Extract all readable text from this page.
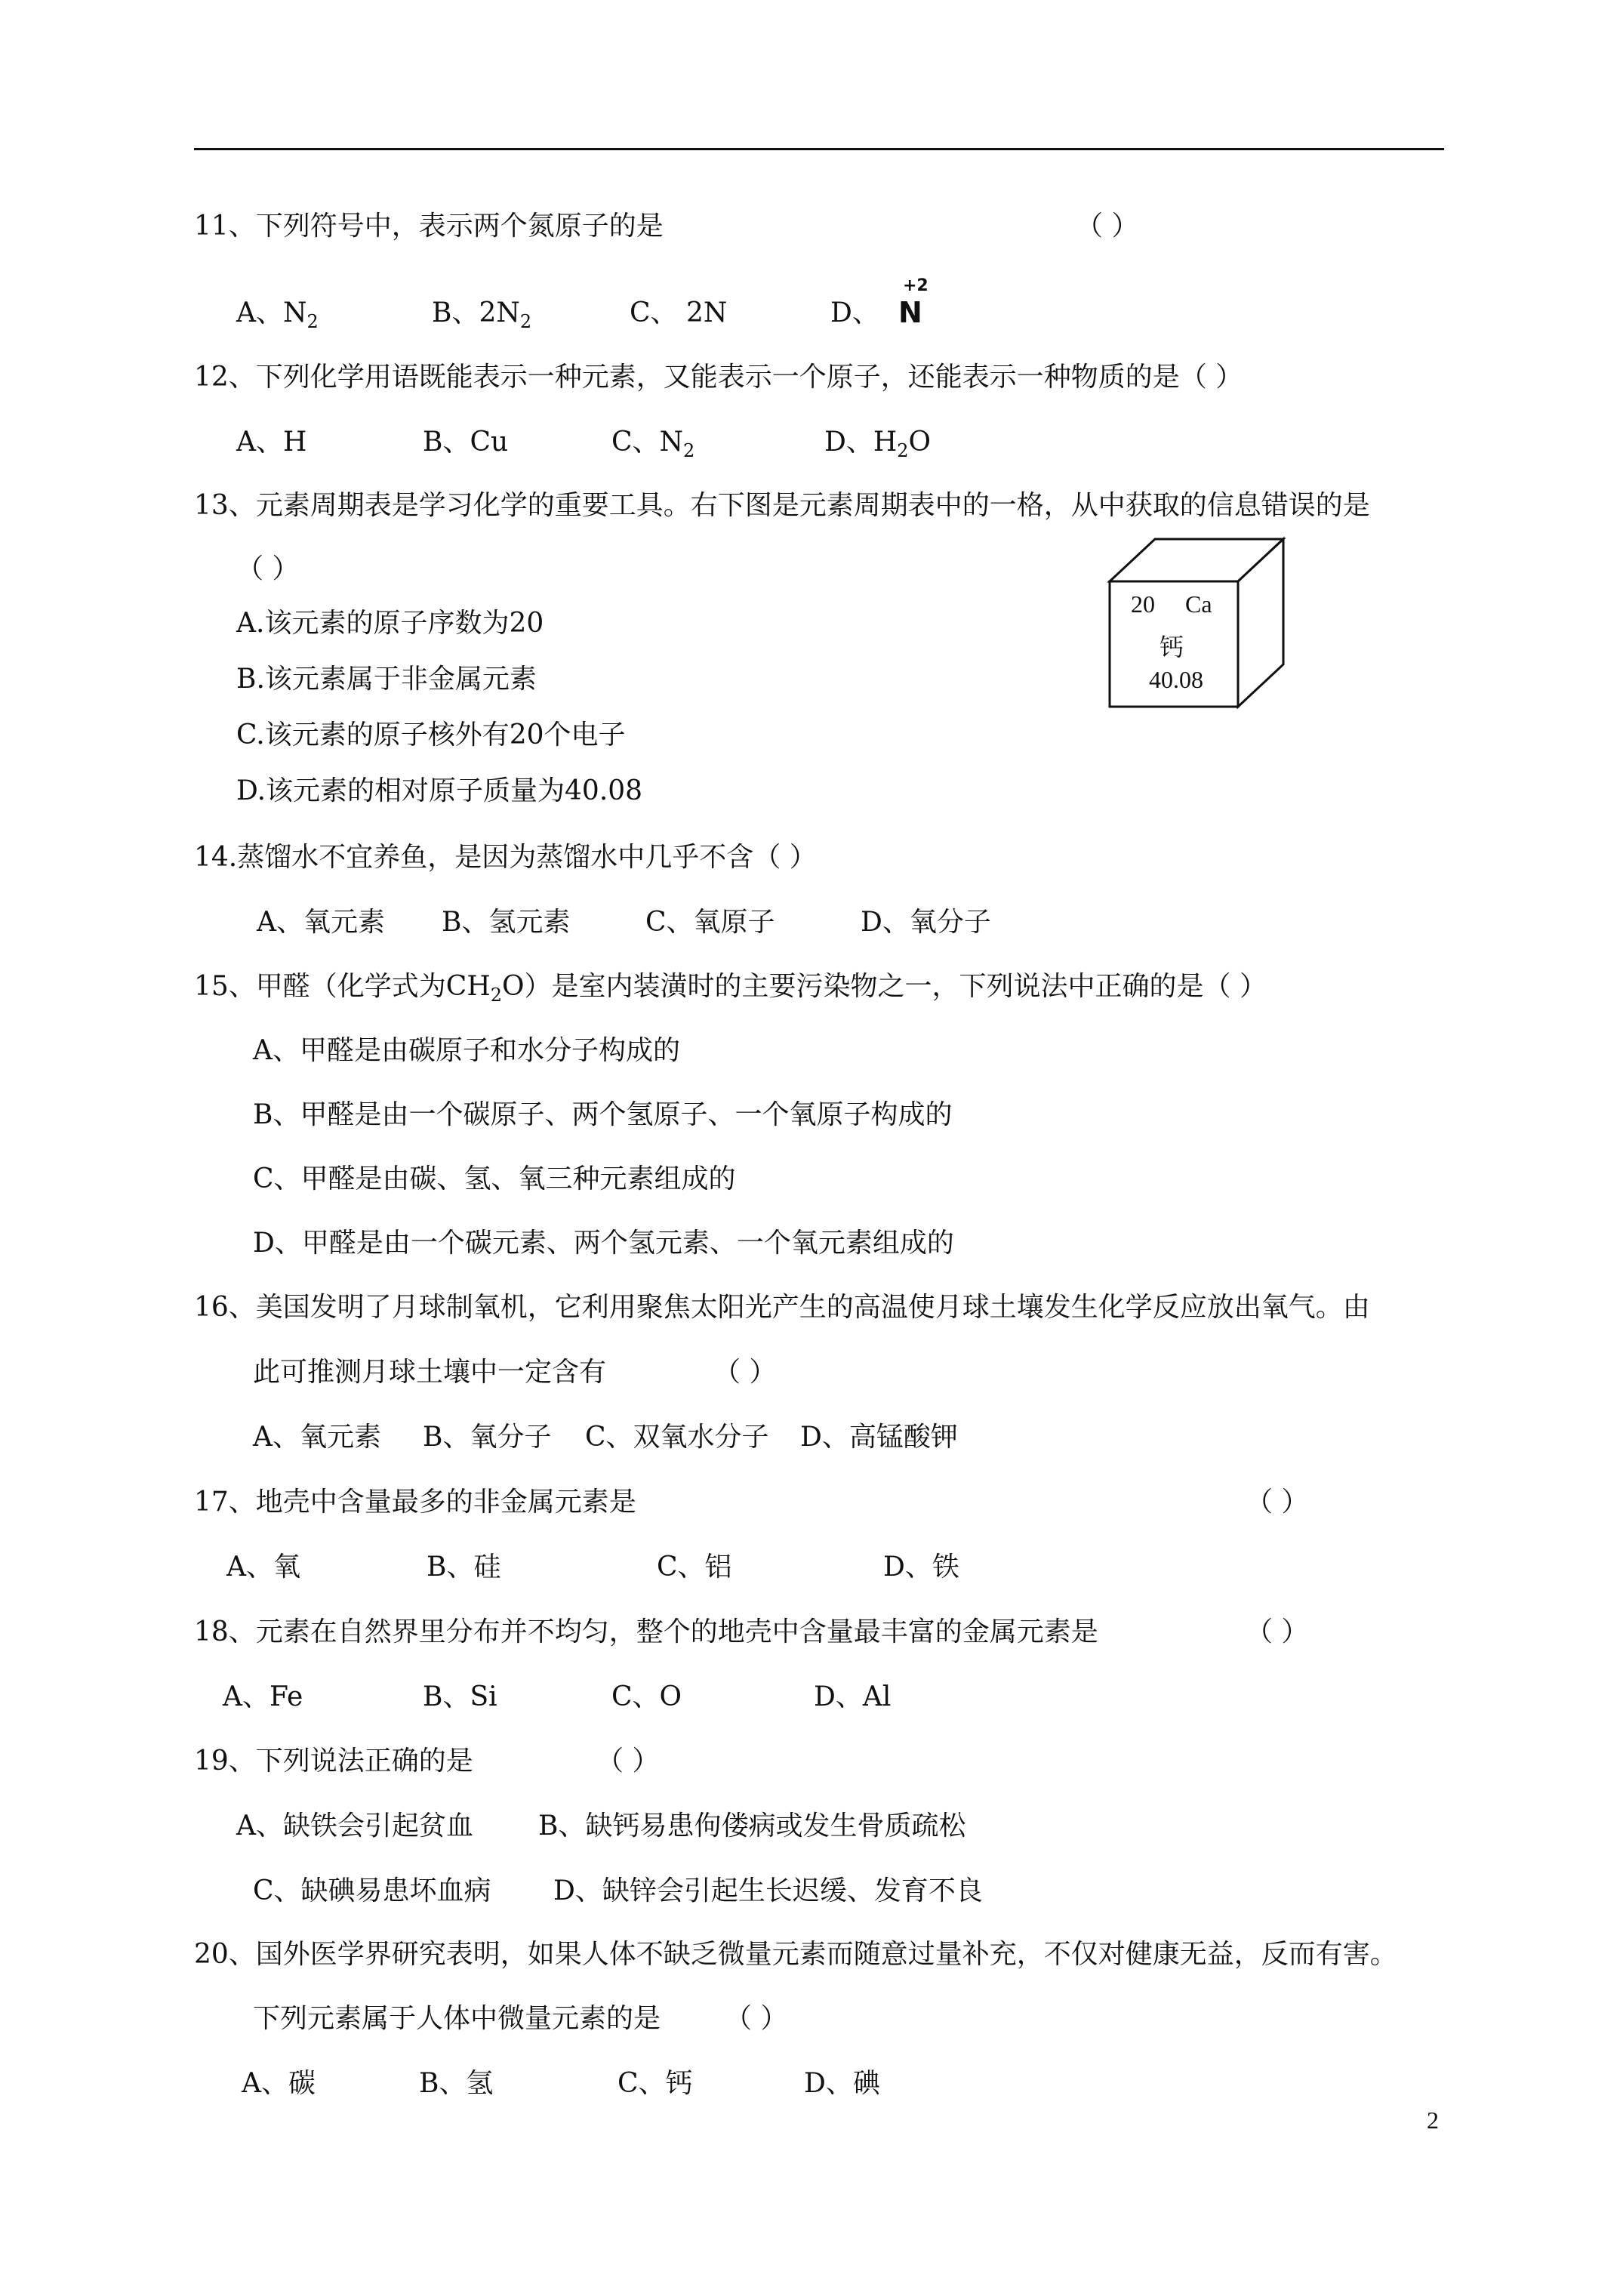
11、下列符号中，表示两个氮原子的是	（ ）
A、$N_2$	B、$2N_2$	C、 2N	D、
+2
N
12、下列化学用语既能表示一种元素，又能表示一个原子，还能表示一种物质的是（ ）
A、H	B、Cu	C、$N_2$	D、$H_2O$
13、元素周期表是学习化学的重要工具。右下图是元素周期表中的一格，从中获取的信息错误的是
（ ）
A.该元素的原子序数为20
B.该元素属于非金属元素
C.该元素的原子核外有20个电子
D.该元素的相对原子质量为40.08
20 Ca
钙
40.08
14.蒸馏水不宜养鱼，是因为蒸馏水中几乎不含（ ）
A、氧元素 B、氢元素	C、氧原子	D、氧分子
15、甲醛（化学式为$CH_2O$）是室内装潢时的主要污染物之一，下列说法中正确的是（ ）
A、甲醛是由碳原子和水分子构成的
B、甲醛是由一个碳原子、两个氢原子、一个氧原子构成的
C、甲醛是由碳、氢、氧三种元素组成的
D、甲醛是由一个碳元素、两个氢元素、一个氧元素组成的
16、美国发明了月球制氧机，它利用聚焦太阳光产生的高温使月球土壤发生化学反应放出氧气。由
此可推测月球土壤中一定含有	（ ）
A、氧元素 B、氧分子 C、双氧水分子 D、高锰酸钾
17、地壳中含量最多的非金属元素是	（ ）
A、氧	B、硅	C、铝	D、铁
18、元素在自然界里分布并不均匀，整个的地壳中含量最丰富的金属元素是	（ ）
A、Fe	B、Si	C、O	D、Al
19、下列说法正确的是	（ ）
A、缺铁会引起贫血 B、缺钙易患佝偻病或发生骨质疏松
C、缺碘易患坏血病 D、缺锌会引起生长迟缓、发育不良
20、国外医学界研究表明，如果人体不缺乏微量元素而随意过量补充，不仅对健康无益，反而有害。
下列元素属于人体中微量元素的是 （ ）
A、碳	B、氢	C、钙	D、碘
2
